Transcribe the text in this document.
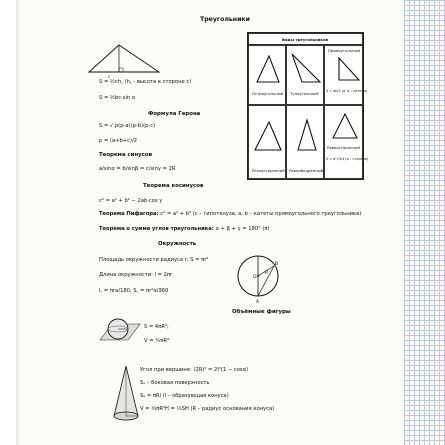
Треугольники
c
S = ½ch꜀ (h꜀ - высота к стороне c)
S = ½bc·sin α
Формула Герона
S = √ p(p-a)(p-b)(p-c)
p = (a+b+c)/2
Теорема синусов
a/sinα = b/sinβ = c/sinγ = 2R
Теорема косинусов
c² = a² + b² − 2ab·cos γ
Теорема Пифагора: c² = a² + b² (c – гипотенуза, a, b – катеты прямоугольного треугольника)
Теорема о сумме углов треугольника: α + β + γ = 180° (π)
Виды треугольников
Остроугольный Тупоугольный
Прямоугольный
S = ab/2 (a, b – катеты)
Разносторонний Равнобедренный
Равносторонний
S = a²√3/4 (a – сторона)
Окружность
Площадь окружности радиуса r: S = πr²
Длина окружности: l = 2πr
l꜀ = πra/180, S꜀ = πr²α/360
O
R
B
A
Объёмные фигуры
S = 4πR²;
V = ⁴⁄₃πR³
Угол при вершине: (2R)² = 2l²(1 − cosα)
Sₛ – боковая поверхность
Sₛ = πRl (l – образующая конуса)
V = ⅓πR²H = ⅓SH (R – радиус основания конуса)
